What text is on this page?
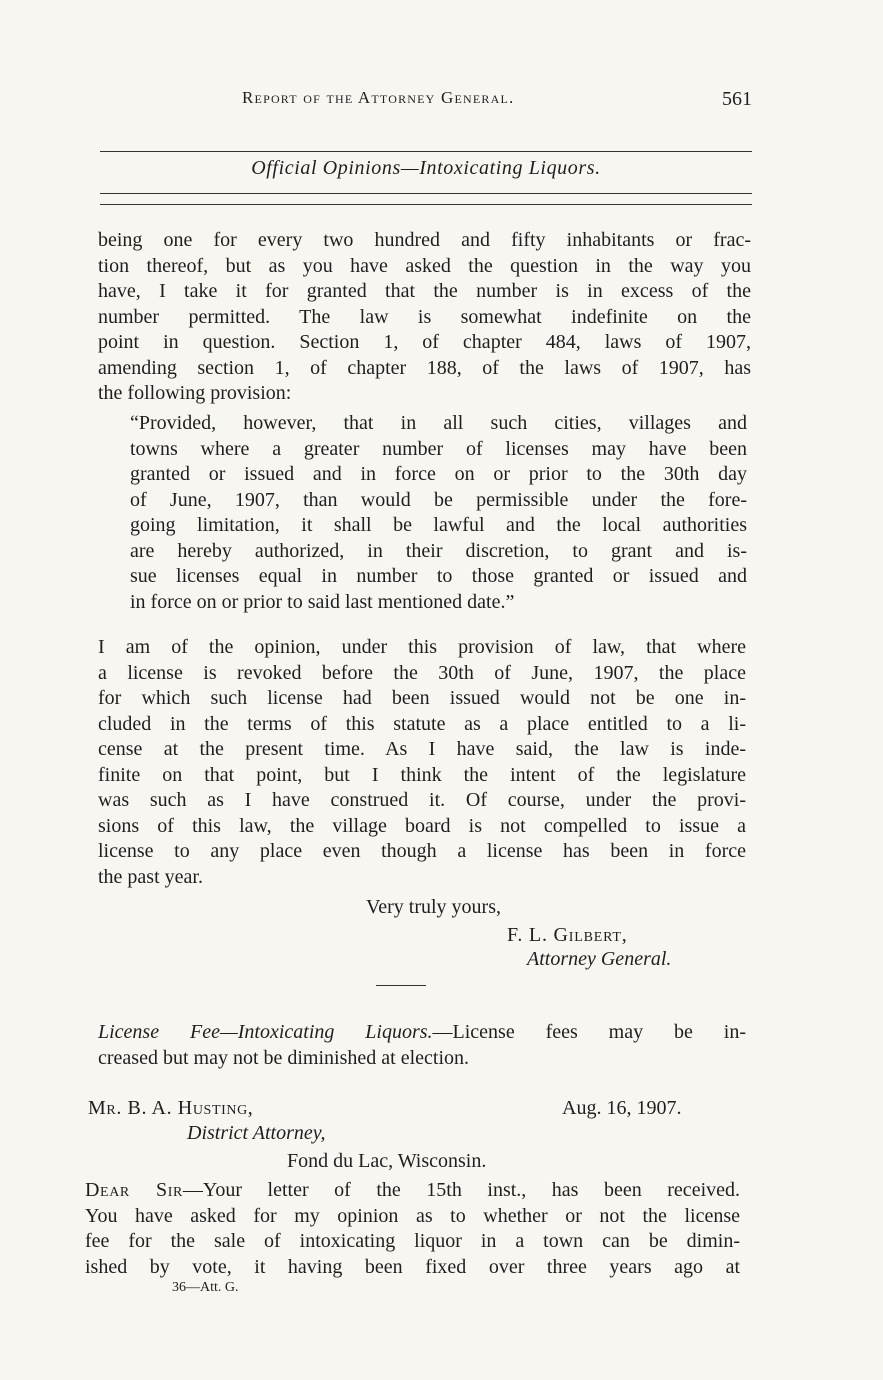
Report of the Attorney General.	561
Official Opinions—Intoxicating Liquors.
being one for every two hundred and fifty inhabitants or frac-
tion thereof, but as you have asked the question in the way you
have, I take it for granted that the number is in excess of the
number permitted. The law is somewhat indefinite on the
point in question. Section 1, of chapter 484, laws of 1907,
amending section 1, of chapter 188, of the laws of 1907, has
the following provision:
“Provided, however, that in all such cities, villages and
towns where a greater number of licenses may have been
granted or issued and in force on or prior to the 30th day
of June, 1907, than would be permissible under the fore-
going limitation, it shall be lawful and the local authorities
are hereby authorized, in their discretion, to grant and is-
sue licenses equal in number to those granted or issued and
in force on or prior to said last mentioned date.”
I am of the opinion, under this provision of law, that where
a license is revoked before the 30th of June, 1907, the place
for which such license had been issued would not be one in-
cluded in the terms of this statute as a place entitled to a li-
cense at the present time. As I have said, the law is inde-
finite on that point, but I think the intent of the legislature
was such as I have construed it. Of course, under the provi-
sions of this law, the village board is not compelled to issue a
license to any place even though a license has been in force
the past year.
Very truly yours,
F. L. Gilbert,
Attorney General.
License Fee—Intoxicating Liquors.—License fees may be in-
creased but may not be diminished at election.
Mr. B. A. Husting,	Aug. 16, 1907.
District Attorney,
Fond du Lac, Wisconsin.
Dear Sir—Your letter of the 15th inst., has been received.
You have asked for my opinion as to whether or not the license
fee for the sale of intoxicating liquor in a town can be dimin-
ished by vote, it having been fixed over three years ago at
36—Att. G.
